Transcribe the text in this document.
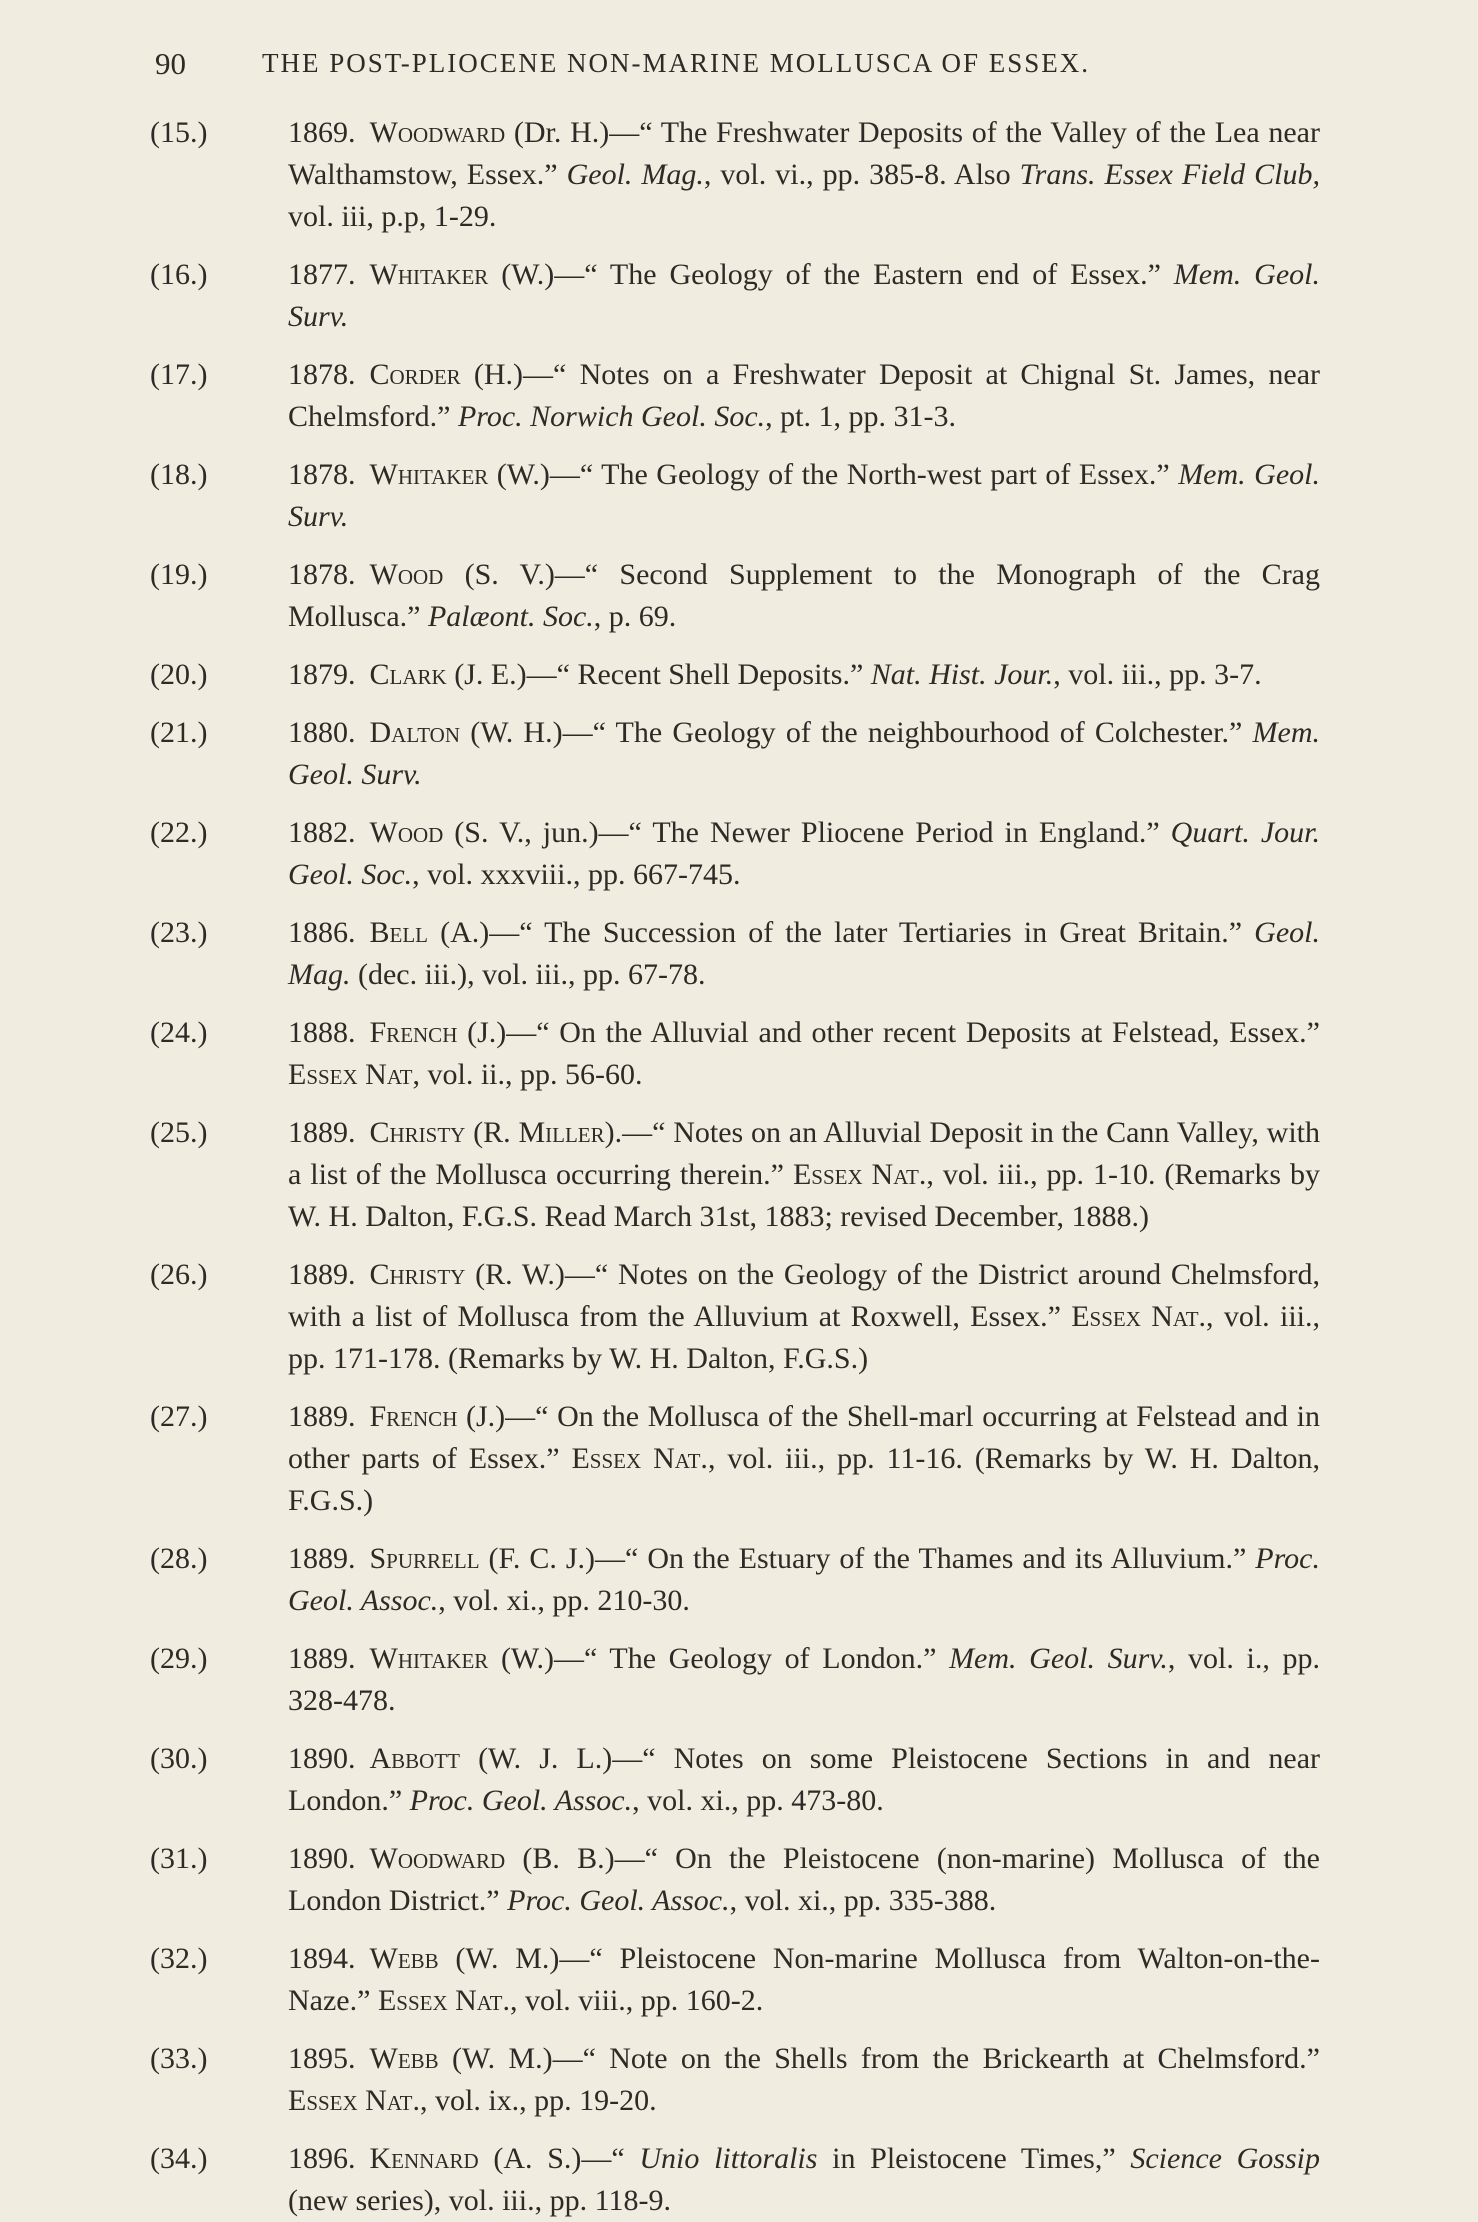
90	THE POST-PLIOCENE NON-MARINE MOLLUSCA OF ESSEX.
(15.)	1869. Woodward (Dr. H.)—“ The Freshwater Deposits of the Valley of the Lea near Walthamstow, Essex.” Geol. Mag., vol. vi., pp. 385-8. Also Trans. Essex Field Club, vol. iii, p.p, 1-29.
(16.)	1877. Whitaker (W.)—“ The Geology of the Eastern end of Essex.” Mem. Geol. Surv.
(17.)	1878. Corder (H.)—“ Notes on a Freshwater Deposit at Chignal St. James, near Chelmsford.” Proc. Norwich Geol. Soc., pt. 1, pp. 31-3.
(18.)	1878. Whitaker (W.)—“ The Geology of the North-west part of Essex.” Mem. Geol. Surv.
(19.)	1878. Wood (S. V.)—“ Second Supplement to the Monograph of the Crag Mollusca.” Palæont. Soc., p. 69.
(20.)	1879. Clark (J. E.)—“ Recent Shell Deposits.” Nat. Hist. Jour., vol. iii., pp. 3-7.
(21.)	1880. Dalton (W. H.)—“ The Geology of the neighbourhood of Colchester.” Mem. Geol. Surv.
(22.)	1882. Wood (S. V., jun.)—“ The Newer Pliocene Period in England.” Quart. Jour. Geol. Soc., vol. xxxviii., pp. 667-745.
(23.)	1886. Bell (A.)—“ The Succession of the later Tertiaries in Great Britain.” Geol. Mag. (dec. iii.), vol. iii., pp. 67-78.
(24.)	1888. French (J.)—“ On the Alluvial and other recent Deposits at Felstead, Essex.” Essex Nat, vol. ii., pp. 56-60.
(25.)	1889. Christy (R. Miller).—“ Notes on an Alluvial Deposit in the Cann Valley, with a list of the Mollusca occurring therein.” Essex Nat., vol. iii., pp. 1-10. (Remarks by W. H. Dalton, F.G.S. Read March 31st, 1883; revised December, 1888.)
(26.)	1889. Christy (R. W.)—“ Notes on the Geology of the District around Chelmsford, with a list of Mollusca from the Alluvium at Roxwell, Essex.” Essex Nat., vol. iii., pp. 171-178. (Remarks by W. H. Dalton, F.G.S.)
(27.)	1889. French (J.)—“ On the Mollusca of the Shell-marl occurring at Felstead and in other parts of Essex.” Essex Nat., vol. iii., pp. 11-16. (Remarks by W. H. Dalton, F.G.S.)
(28.)	1889. Spurrell (F. C. J.)—“ On the Estuary of the Thames and its Alluvium.” Proc. Geol. Assoc., vol. xi., pp. 210-30.
(29.)	1889. Whitaker (W.)—“ The Geology of London.” Mem. Geol. Surv., vol. i., pp. 328-478.
(30.)	1890. Abbott (W. J. L.)—“ Notes on some Pleistocene Sections in and near London.” Proc. Geol. Assoc., vol. xi., pp. 473-80.
(31.)	1890. Woodward (B. B.)—“ On the Pleistocene (non-marine) Mollusca of the London District.” Proc. Geol. Assoc., vol. xi., pp. 335-388.
(32.)	1894. Webb (W. M.)—“ Pleistocene Non-marine Mollusca from Walton-on-the-Naze.” Essex Nat., vol. viii., pp. 160-2.
(33.)	1895. Webb (W. M.)—“ Note on the Shells from the Brickearth at Chelmsford.” Essex Nat., vol. ix., pp. 19-20.
(34.)	1896. Kennard (A. S.)—“ Unio littoralis in Pleistocene Times,” Science Gossip (new series), vol. iii., pp. 118-9.
